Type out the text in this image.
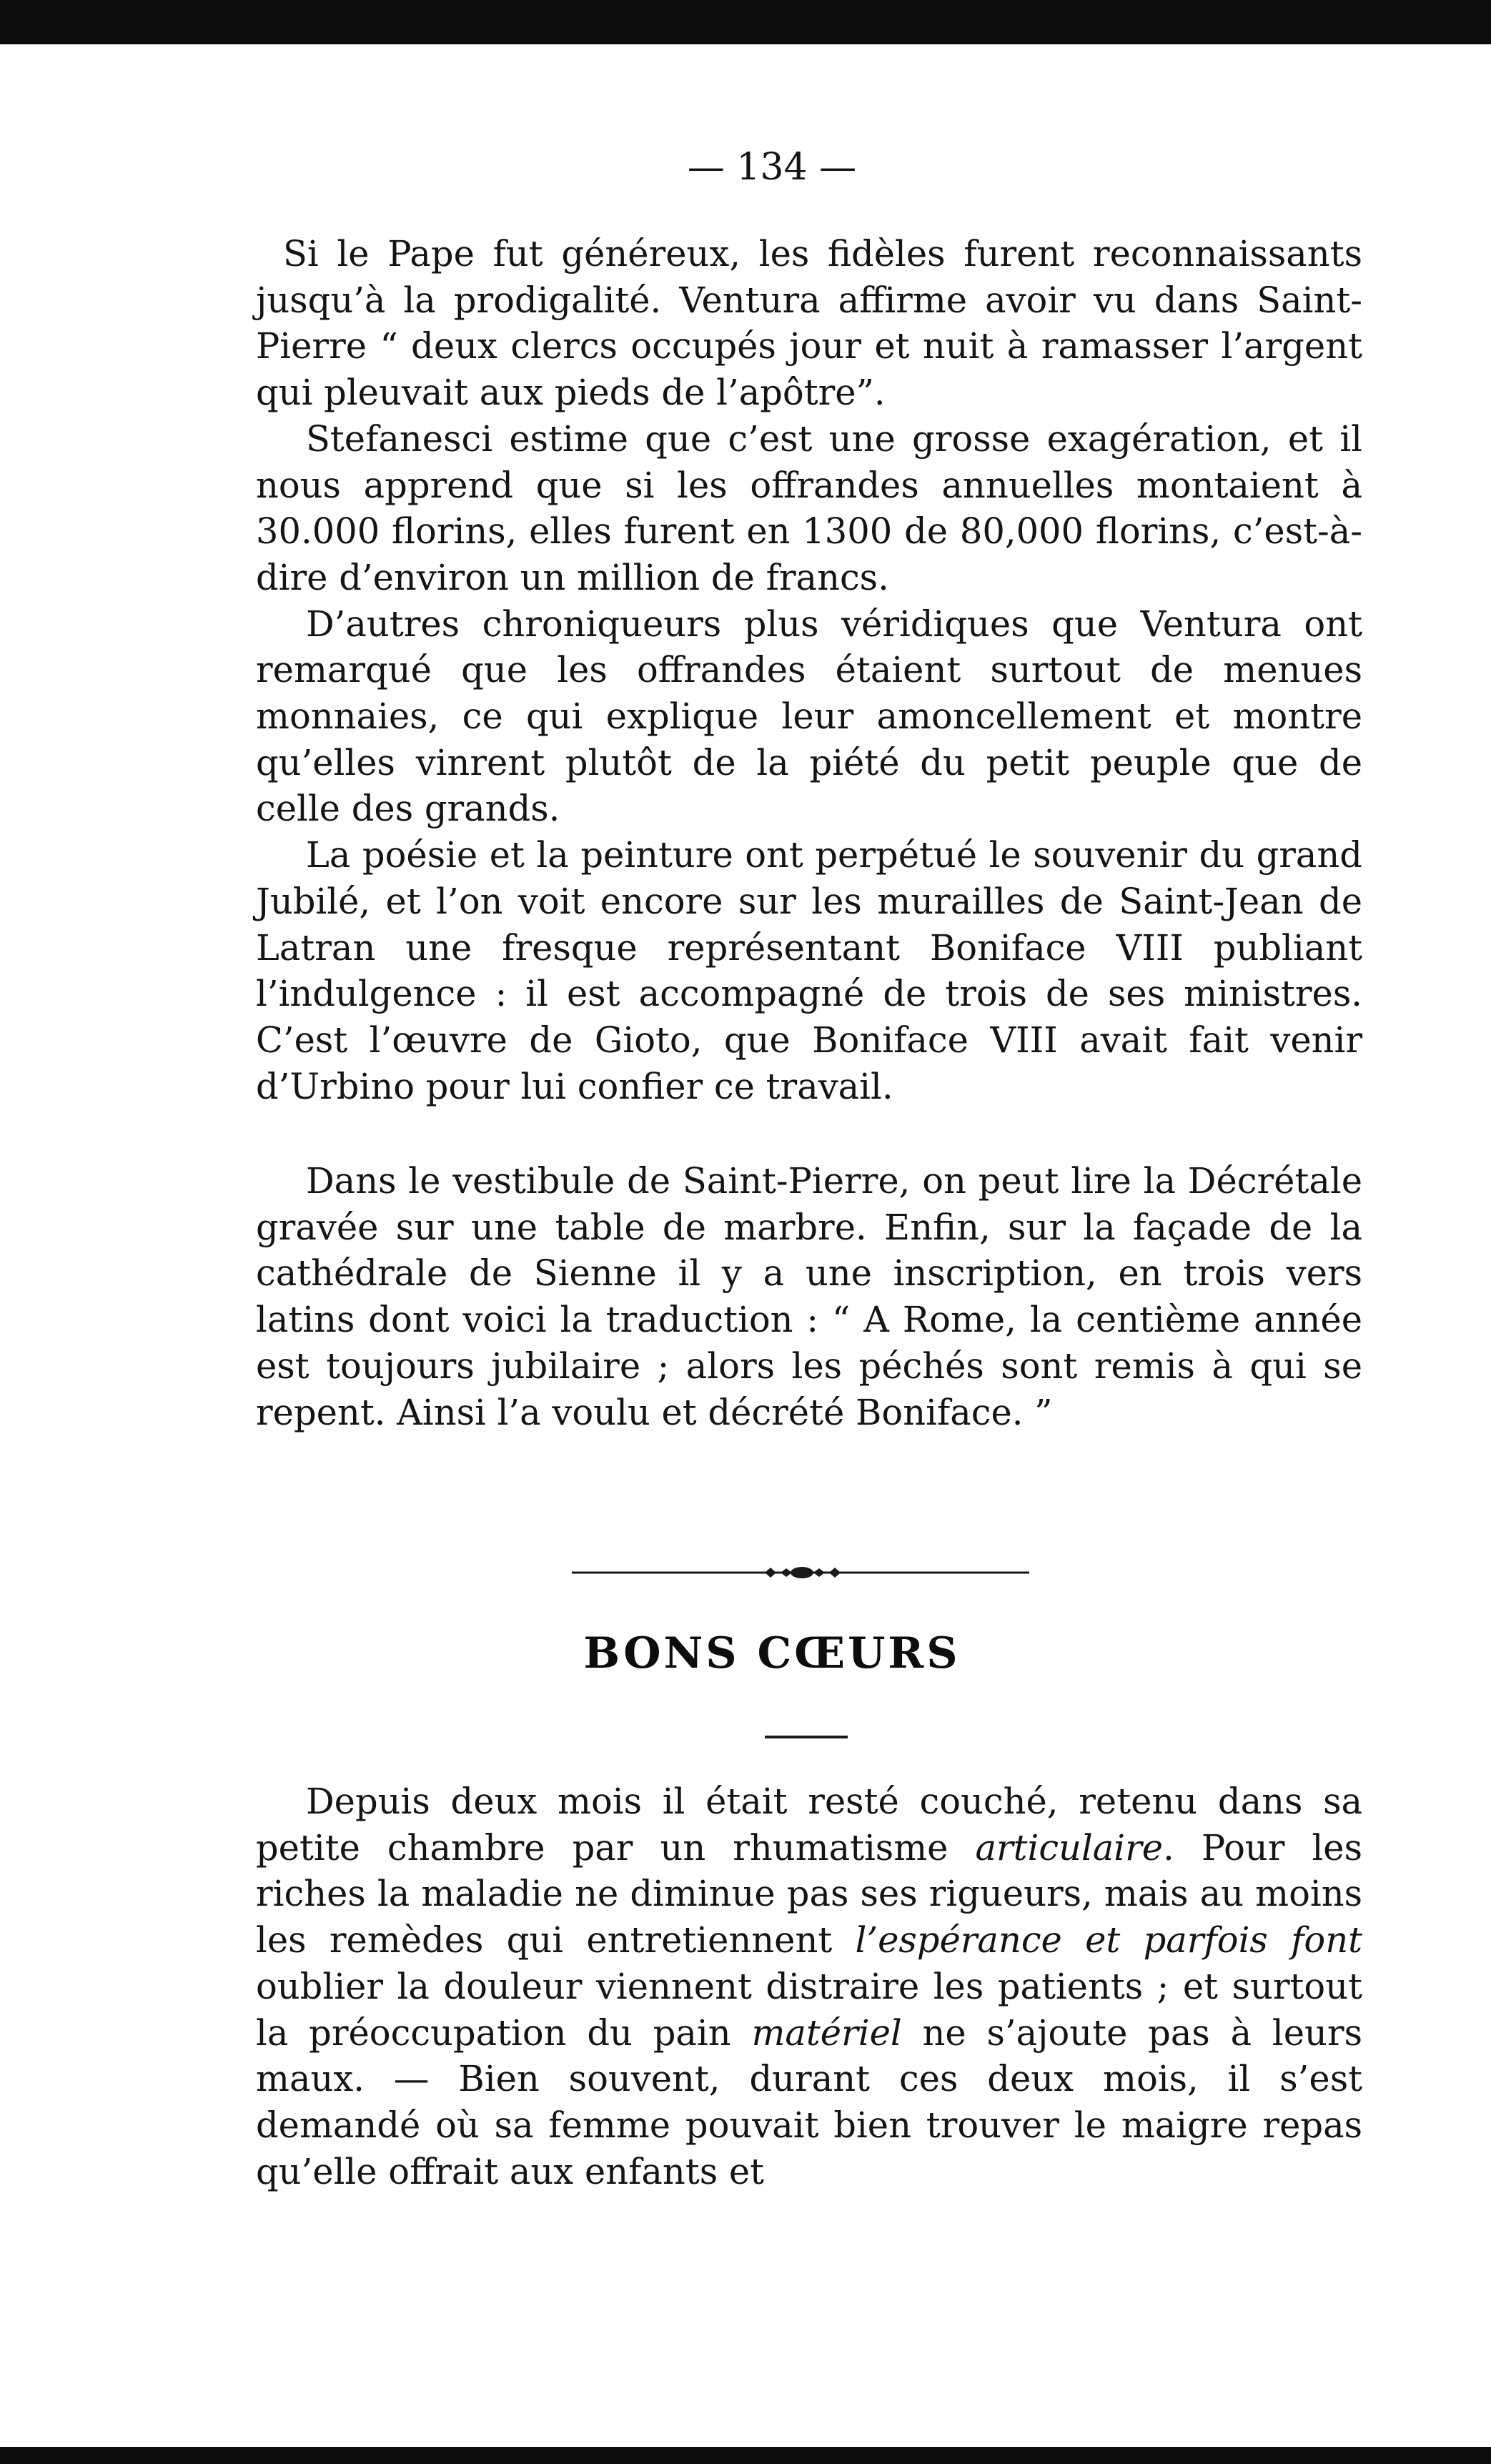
— 134 —

Si le Pape fut généreux, les fidèles furent reconnaissants jusqu’à la prodigalité. Ventura affirme avoir vu dans Saint-Pierre “ deux clercs occupés jour et nuit à ramasser l’argent qui pleuvait aux pieds de l’apôtre”.

Stefanesci estime que c’est une grosse exagération, et il nous apprend que si les offrandes annuelles montaient à 30.000 florins, elles furent en 1300 de 80,000 florins, c’est-à-dire d’environ un million de francs.

D’autres chroniqueurs plus véridiques que Ventura ont remarqué que les offrandes étaient surtout de menues monnaies, ce qui explique leur amoncellement et montre qu’elles vinrent plutôt de la piété du petit peuple que de celle des grands.

La poésie et la peinture ont perpétué le souvenir du grand Jubilé, et l’on voit encore sur les murailles de Saint-Jean de Latran une fresque représentant Boniface VIII publiant l’indulgence : il est accompagné de trois de ses ministres. C’est l’œuvre de Gioto, que Boniface VIII avait fait venir d’Urbino pour lui confier ce travail.

Dans le vestibule de Saint-Pierre, on peut lire la Décrétale gravée sur une table de marbre. Enfin, sur la façade de la cathédrale de Sienne il y a une inscription, en trois vers latins dont voici la traduction : “ A Rome, la centième année est toujours jubilaire ; alors les péchés sont remis à qui se repent. Ainsi l’a voulu et décrété Boniface. ”

BONS CŒURS

Depuis deux mois il était resté couché, retenu dans sa petite chambre par un rhumatisme articulaire. Pour les riches la maladie ne diminue pas ses rigueurs, mais au moins les remèdes qui entretiennent l’espérance et parfois font oublier la douleur viennent distraire les patients ; et surtout la préoccupation du pain matériel ne s’ajoute pas à leurs maux. — Bien souvent, durant ces deux mois, il s’est demandé où sa femme pouvait bien trouver le maigre repas qu’elle offrait aux enfants et
